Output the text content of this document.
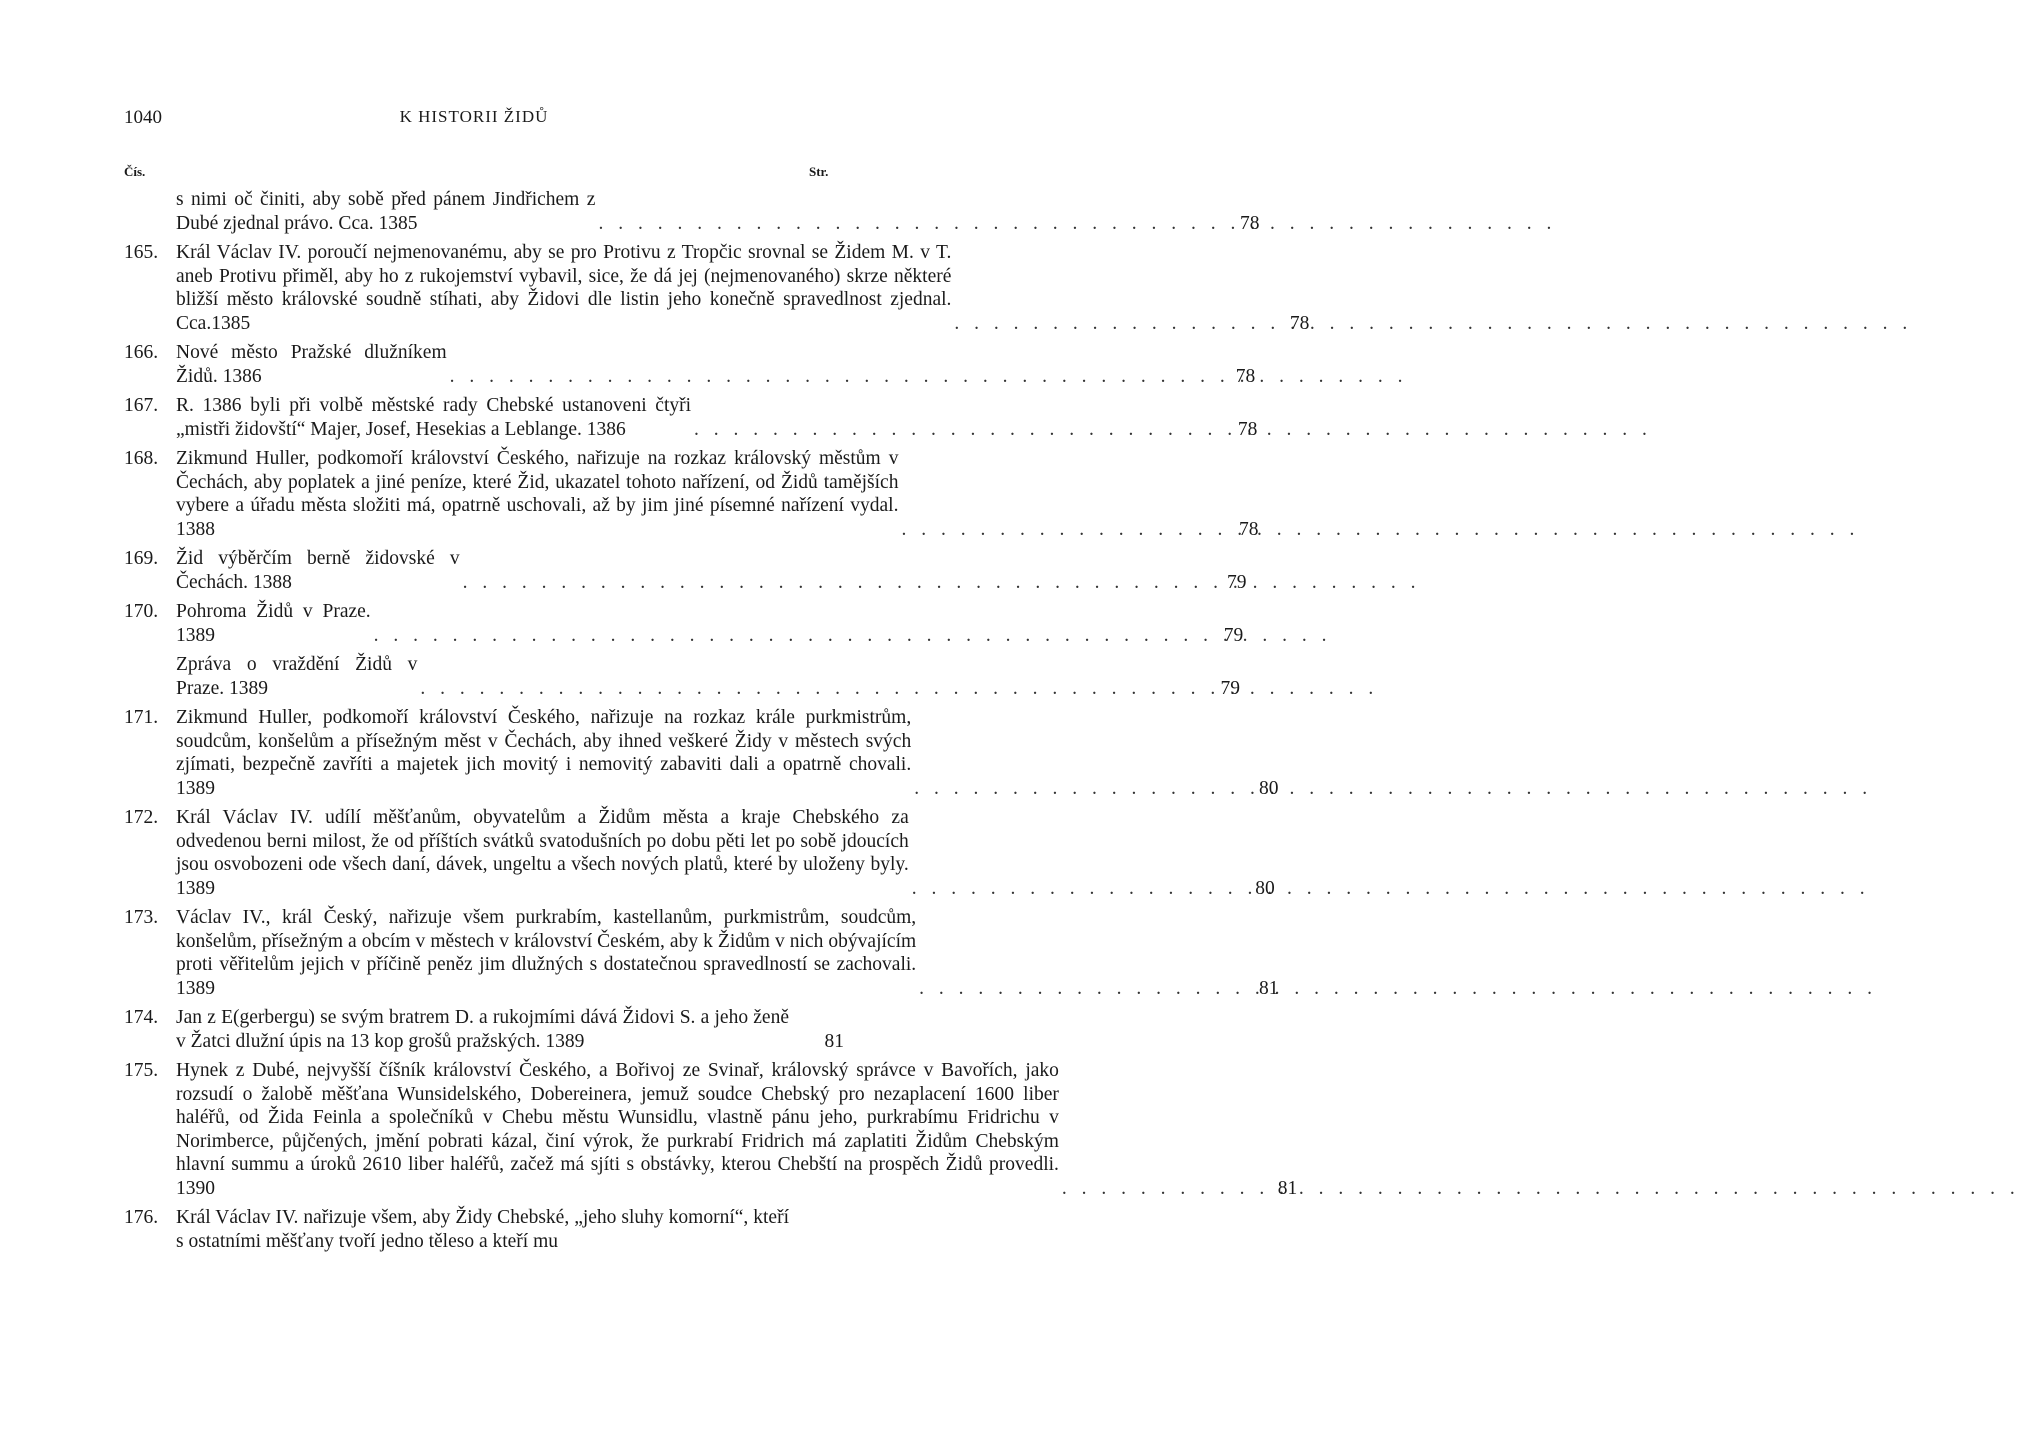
1040	K HISTORII ŽIDŮ
Čís.	Str.
s nimi oč činiti, aby sobě před pánem Jindřichem z Dubé zjednal právo. Cca. 1385 . . .	78
165. Král Václav IV. poroučí nejmenovanému, aby se pro Protivu z Tropčic srovnal se Židem M. v T. aneb Protivu přiměl, aby ho z rukojemství vybavil, sice, že dá jej (nejmenovaného) skrze některé bližší město královské soudně stíhati, aby Židovi dle listin jeho konečně spravedlnost zjednal. Cca.1385 . . .	78
166. Nové město Pražské dlužníkem Židů. 1386 . . .	78
167. R. 1386 byli při volbě městské rady Chebské ustanoveni čtyři „mistři židovští“ Majer, Josef, Hesekias a Leblange. 1386 . . .	78
168. Zikmund Huller, podkomoří království Českého, nařizuje na rozkaz královský městům v Čechách, aby poplatek a jiné peníze, které Žid, ukazatel tohoto nařízení, od Židů tamějších vybere a úřadu města složiti má, opatrně uschovali, až by jim jiné písemné nařízení vydal. 1388 . . .	78
169. Žid výběrčím berně židovské v Čechách. 1388 . . .	79
170. Pohroma Židů v Praze. 1389 . . .	79
Zpráva o vraždění Židů v Praze. 1389 . . .	79
171. Zikmund Huller, podkomoří království Českého, nařizuje na rozkaz krále purkmistrům, soudcům, konšelům a přísežným měst v Čechách, aby ihned veškeré Židy v městech svých zjímati, bezpečně zavříti a majetek jich movitý i nemovitý zabaviti dali a opatrně chovali. 1389 . . .	80
172. Král Václav IV. udílí měšťanům, obyvatelům a Židům města a kraje Chebského za odvedenou berni milost, že od příštích svátků svatodušních po dobu pěti let po sobě jdoucích jsou osvobozeni ode všech daní, dávek, ungeltu a všech nových platů, které by uloženy byly. 1389 . . .	80
173. Václav IV., král Český, nařizuje všem purkrabím, kastellanům, purkmistrům, soudcům, konšelům, přísežným a obcím v městech v království Českém, aby k Židům v nich obývajícím proti věřitelům jejich v příčině peněz jim dlužných s dostatečnou spravedlností se zachovali. 1389 . . .	81
174. Jan z E(gerbergu) se svým bratrem D. a rukojmími dává Židovi S. a jeho ženě v Žatci dlužní úpis na 13 kop grošů pražských. 1389	81
175. Hynek z Dubé, nejvyšší číšník království Českého, a Bořivoj ze Svinař, královský správce v Bavořích, jako rozsudí o žalobě měšťana Wunsidelského, Dobereinera, jemuž soudce Chebský pro nezaplacení 1600 liber haléřů, od Žida Feinla a společníků v Chebu městu Wunsidlu, vlastně pánu jeho, purkrabímu Fridrichu v Norimberce, půjčených, jmění pobrati kázal, činí výrok, že purkrabí Fridrich má zaplatiti Židům Chebským hlavní summu a úroků 2610 liber haléřů, začež má sjíti s obstávky, kterou Chebští na prospěch Židů provedli. 1390 . . .	81
176. Král Václav IV. nařizuje všem, aby Židy Chebské, „jeho sluhy komorní“, kteří s ostatními měšťany tvoří jedno těleso a kteří mu
